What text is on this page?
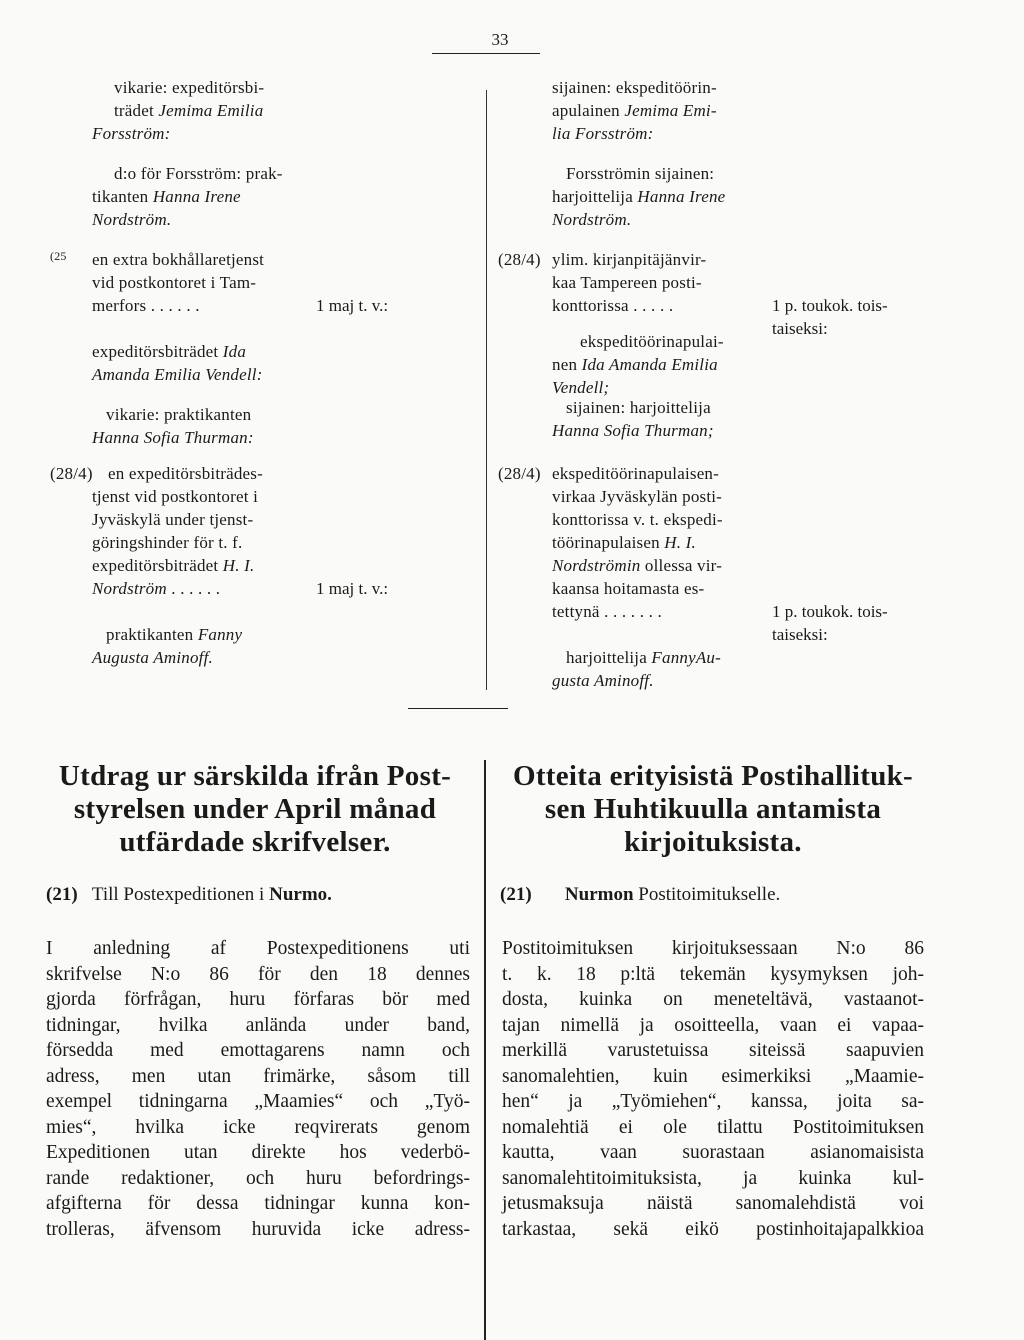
33
vikarie: expeditörsbi-
trädet Jemima Emilia
Forsström:
d:o för Forsström: prak-
tikanten Hanna Irene
Nordström.
(25 en extra bokhållaretjenst
vid postkontoret i Tam-
merfors . . . . . .	1 maj t. v.:
expeditörsbiträdet Ida
Amanda Emilia Vendell:
vikarie: praktikanten
Hanna Sofia Thurman:
(28/4) en expeditörsbiträdes-
tjenst vid postkontoret i
Jyväskylä under tjenst-
göringshinder för t. f.
expeditörsbiträdet H. I.
Nordström . . . . . .	1 maj t. v.:
praktikanten Fanny
Augusta Aminoff.
sijainen: ekspeditöörin-
apulainen Jemima Emi-
lia Forsström:
Forsströmin sijainen:
harjoittelija Hanna Irene
Nordström.
(28/4) ylim. kirjanpitäjänvir-
kaa Tampereen posti-
konttorissa . . . . .	1 p. toukok. tois-
taiseksi:
ekspeditöörinapulai-
nen Ida Amanda Emilia
Vendell;
sijainen: harjoittelija
Hanna Sofia Thurman;
(28/4) ekspeditöörinapulaisen-
virkaa Jyväskylän posti-
konttorissa v. t. ekspedi-
töörinapulaisen H. I.
Nordströmin ollessa vir-
kaansa hoitamasta es-
tettynä . . . . . . .	1 p. toukok. tois-
taiseksi:
harjoittelija FannyAu-
gusta Aminoff.
Utdrag ur särskilda ifrån Post-
styrelsen under April månad
utfärdade skrifvelser.
(21) Till Postexpeditionen i Nurmo.
I anledning af Postexpeditionens uti
skrifvelse N:o 86 för den 18 dennes
gjorda förfrågan, huru förfaras bör med
tidningar, hvilka anlända under band,
försedda med emottagarens namn och
adress, men utan frimärke, såsom till
exempel tidningarna „Maamies“ och „Työ-
mies“, hvilka icke reqvirerats genom
Expeditionen utan direkte hos vederbö-
rande redaktioner, och huru befordrings-
afgifterna för dessa tidningar kunna kon-
trolleras, äfvensom huruvida icke adress-
Otteita erityisistä Postihallituk-
sen Huhtikuulla antamista
kirjoituksista.
(21) Nurmon Postitoimitukselle.
Postitoimituksen kirjoituksessaan N:o 86
t. k. 18 p:ltä tekemän kysymyksen joh-
dosta, kuinka on meneteltävä, vastaanot-
tajan nimellä ja osoitteella, vaan ei vapaa-
merkillä varustetuissa siteissä saapuvien
sanomalehtien, kuin esimerkiksi „Maamie-
hen“ ja „Työmiehen“, kanssa, joita sa-
nomalehtiä ei ole tilattu Postitoimituksen
kautta, vaan suorastaan asianomaisista
sanomalehtitoimituksista, ja kuinka kul-
jetusmaksuja näistä sanomalehdistä voi
tarkastaa, sekä eikö postinhoitajapalkkioa
